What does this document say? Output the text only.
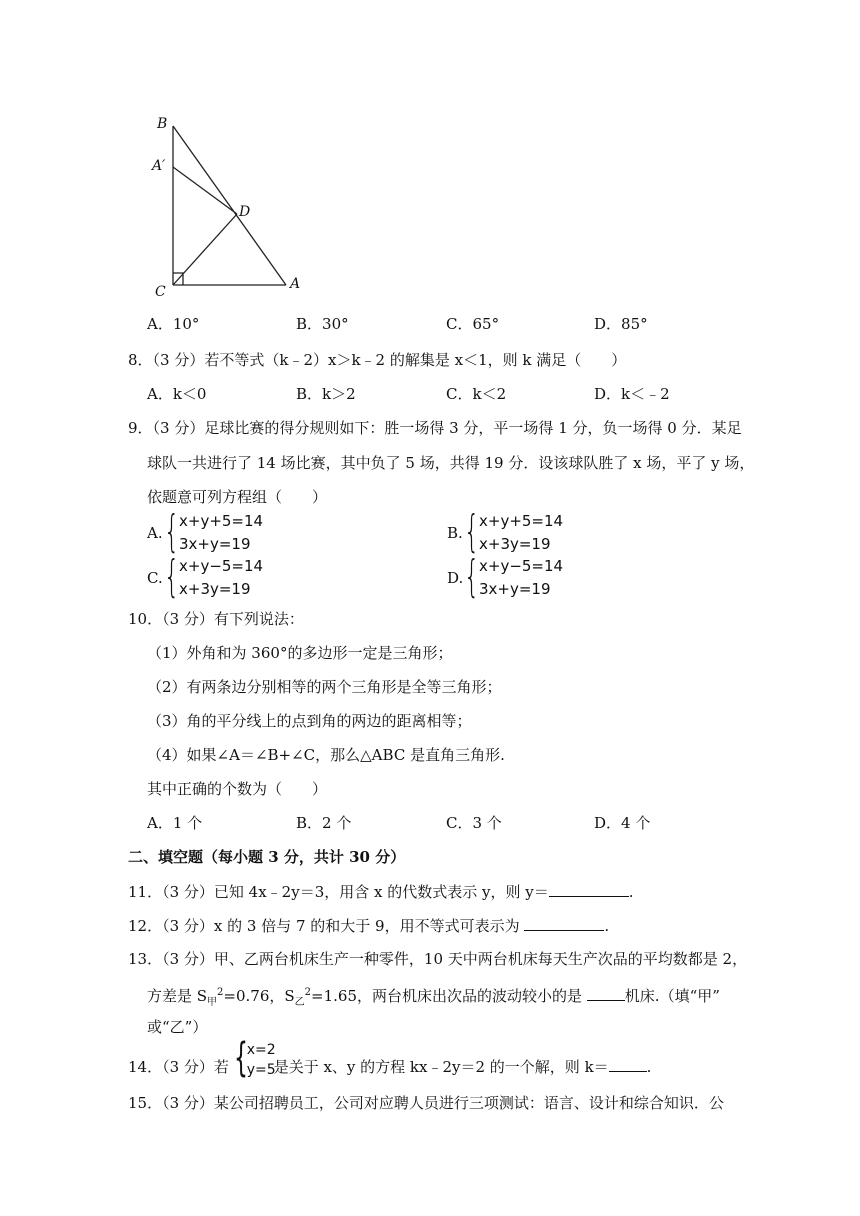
B
A′
D
C	A
A．10°	B．30°	C．65°	D．85°
8．（3 分）若不等式（k﹣2）x＞k﹣2 的解集是 x＜1，则 k 满足（　　）
A．k＜0	B．k＞2	C．k＜2	D．k＜﹣2
9．（3 分）足球比赛的得分规则如下：胜一场得 3 分，平一场得 1 分，负一场得 0 分．某足
球队一共进行了 14 场比赛，其中负了 5 场，共得 19 分．设该球队胜了 x 场，平了 y 场，
依题意可列方程组（　　）
A. { x+y+5=14
3x+y=19
B. { x+y+5=14
x+3y=19
C. { x+y−5=14
x+3y=19
D. { x+y−5=14
3x+y=19
10．（3 分）有下列说法：
（1）外角和为 360°的多边形一定是三角形；
（2）有两条边分别相等的两个三角形是全等三角形；
（3）角的平分线上的点到角的两边的距离相等；
（4）如果∠A＝∠B+∠C，那么△ABC 是直角三角形.
其中正确的个数为（　　）
A．1 个	B．2 个	C．3 个	D．4 个
二、填空题（每小题 3 分，共计 30 分）
11．（3 分）已知 4x﹣2y＝3，用含 x 的代数式表示 y，则 y＝	.
12．（3 分）x 的 3 倍与 7 的和大于 9，用不等式可表示为	.
13．（3 分）甲、乙两台机床生产一种零件，10 天中两台机床每天生产次品的平均数都是 2，
方差是 $S_甲^2=0.76$，$S_乙^2=1.65$，两台机床出次品的波动较小的是	机床.（填“甲”
或“乙”）
14．（3 分）若 { x=2
y=5
是关于 x、y 的方程 kx﹣2y＝2 的一个解，则 k＝	.
15．（3 分）某公司招聘员工，公司对应聘人员进行三项测试：语言、设计和综合知识．公
